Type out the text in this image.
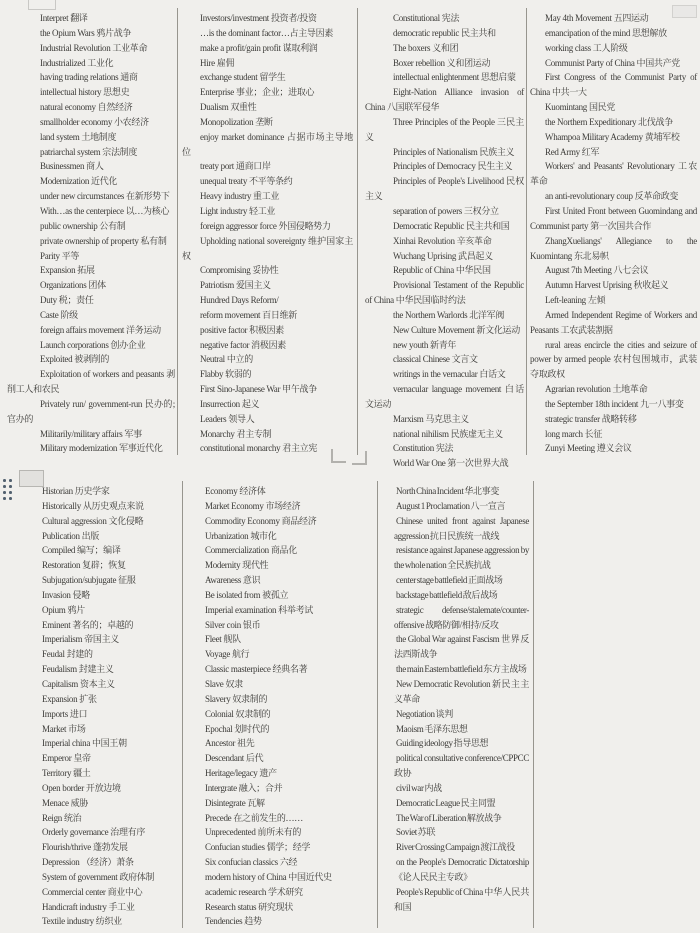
Interpret 翻译

the Opium Wars 鸦片战争

Industrial Revolution 工业革命

Industrialized 工业化

having trading relations 通商

intellectual history 思想史

natural economy 自然经济

smallholder economy 小农经济

land system 土地制度

patriarchal system 宗法制度

Businessmen 商人

Modernization 近代化

under new circumstances 在新形势下

With…as the centerpiece 以…为核心

public ownership 公有制

private ownership of property 私有制

Parity 平等

Expansion 拓展

Organizations 团体

Duty 税；责任

Caste 阶级

foreign affairs movement 洋务运动

Launch corporations 创办企业

Exploited 被剥削的

Exploitation of workers and peasants 剥削工人和农民

Privately run/ government-run 民办的; 官办的

Militarily/military affairs 军事

Military modernization 军事近代化

Investors/investment 投资者/投资

…is the dominant factor…占主导因素

make a profit/gain profit 谋取利润

Hire 雇佣

exchange student 留学生

Enterprise 事业；企业；进取心

Dualism 双重性

Monopolization 垄断

enjoy market dominance 占据市场主导地位

treaty port 通商口岸

unequal treaty 不平等条约

Heavy industry 重工业

Light industry 轻工业

foreign aggressor force 外国侵略势力

Upholding national sovereignty 维护国家主权

Compromising 妥协性

Patriotism 爱国主义

Hundred Days Reform/

reform movement 百日维新

positive factor 积极因素

negative factor 消极因素

Neutral 中立的

Flabby 软弱的

First Sino-Japanese War 甲午战争

Insurrection 起义

Leaders 领导人

Monarchy 君主专制

constitutional monarchy 君主立宪

Constitutional 宪法

democratic republic 民主共和

The boxers 义和团

Boxer rebellion 义和团运动

intellectual enlightenment 思想启蒙

Eight-Nation Alliance invasion of China 八国联军侵华

Three Principles of the People 三民主义

Principles of Nationalism 民族主义

Principles of Democracy 民生主义

Principles of People's Livelihood 民权主义

separation of powers 三权分立

Democratic Republic 民主共和国

Xinhai Revolution 辛亥革命

Wuchang Uprising 武昌起义

Republic of China 中华民国

Provisional Testament of the Republic of China 中华民国临时约法

the Northern Warlords 北洋军阀

New Culture Movement 新文化运动

new youth 新青年

classical Chinese 文言文

writings in the vernacular 白话文

vernacular language movement 白话文运动

Marxism 马克思主义

national nihilism 民族虚无主义

Constitution 宪法

World War One 第一次世界大战

May 4th Movement 五四运动

emancipation of the mind 思想解放

working class 工人阶级

Communist Party of China 中国共产党

First Congress of the Communist Party of China 中共一大

Kuomintang 国民党

the Northern Expeditionary 北伐战争

Whampoa Military Academy 黄埔军校

Red Army 红军

Workers' and Peasants' Revolutionary 工农革命

an anti-revolutionary coup 反革命政变

First United Front between Guomindang and Communist party 第一次国共合作

ZhangXueliangs' Allegiance to the Kuomintang 东北易帜

August 7th Meeting 八七会议

Autumn Harvest Uprising 秋收起义

Left-leaning 左倾

Armed Independent Regime of Workers and Peasants 工农武装割据

rural areas encircle the cities and seizure of power by armed people 农村包围城市，武装夺取政权

Agrarian revolution 土地革命

the September 18th incident 九一八事变

strategic transfer 战略转移

long march 长征

Zunyi Meeting 遵义会议

Historian 历史学家

Historically 从历史观点来说

Cultural aggression 文化侵略

Publication 出版

Compiled 编写；编译

Restoration 复辟；恢复

Subjugation/subjugate 征服

Invasion 侵略

Opium 鸦片

Eminent 著名的；卓越的

Imperialism 帝国主义

Feudal 封建的

Feudalism 封建主义

Capitalism 资本主义

Expansion 扩张

Imports 进口

Market 市场

Imperial china 中国王朝

Emperor 皇帝

Territory 疆土

Open border 开放边境

Menace 威胁

Reign 统治

Orderly governance 治理有序

Flourish/thrive 蓬勃发展

Depression （经济）萧条

System of government 政府体制

Commercial center 商业中心

Handicraft industry 手工业

Textile industry 纺织业

Economy 经济体

Market Economy 市场经济

Commodity Economy 商品经济

Urbanization 城市化

Commercialization 商品化

Modernity 现代性

Awareness 意识

Be isolated from 被孤立

Imperial examination 科举考试

Silver coin 银币

Fleet 舰队

Voyage 航行

Classic masterpiece 经典名著

Slave 奴隶

Slavery 奴隶制的

Colonial 奴隶制的

Epochal 划时代的

Ancestor 祖先

Descendant 后代

Heritage/legacy 遗产

Intergrate 融入；合并

Disintegrate 瓦解

Precede 在之前发生的……

Unprecedented 前所未有的

Confucian studies 儒学；经学

Six confucian classics 六经

modern history of China 中国近代史

academic research 学术研究

Research status 研究现状

Tendencies 趋势

North China Incident 华北事变

August 1 Proclamation 八一宣言

Chinese united front against Japanese aggression 抗日民族统一战线

resistance against Japanese aggression by the whole nation 全民族抗战

center stage battlefield 正面战场

backstage battlefield 敌后战场

strategic defense/stalemate/counter-offensive 战略防御/相持/反攻

the Global War against Fascism 世界反法西斯战争

the main Eastern battlefield 东方主战场

New Democratic Revolution 新民主主义革命

Negotiation 谈判

Maoism 毛泽东思想

Guiding ideology 指导思想

political consultative conference/CPPCC 政协

civil war 内战

Democratic League 民主同盟

The War of Liberation 解放战争

Soviet 苏联

River Crossing Campaign 渡江战役

on the People's Democratic Dictatorship 《论人民民主专政》

People's Republic of China 中华人民共和国
